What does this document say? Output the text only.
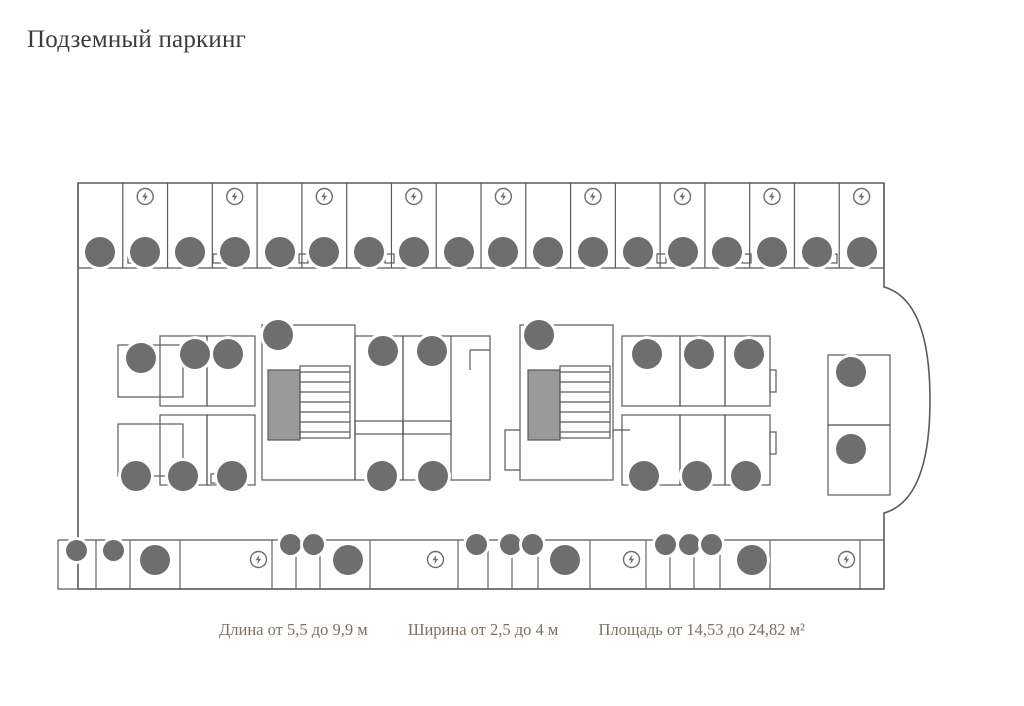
Подземный паркинг
Длина от 5,5 до 9,9 м Ширина от 2,5 до 4 м Площадь от 14,53 до 24,82 м²
